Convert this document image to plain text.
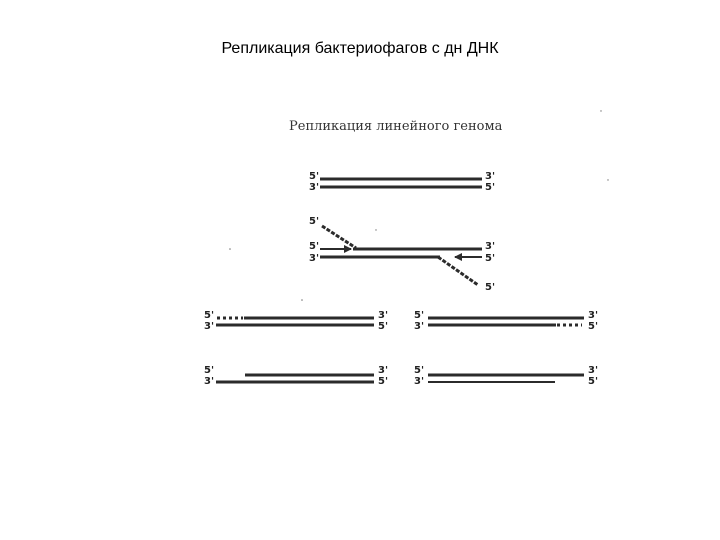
Репликация бактериофагов с дн ДНК
Репликация линейного генома
5'
3'
3'
5'
5'
5'
3'
3'
5'
5'
5'
3'
3'
5'
5'
3'
3'
5'
5'
3'
3'
5'
5'
3'
3'
5'
